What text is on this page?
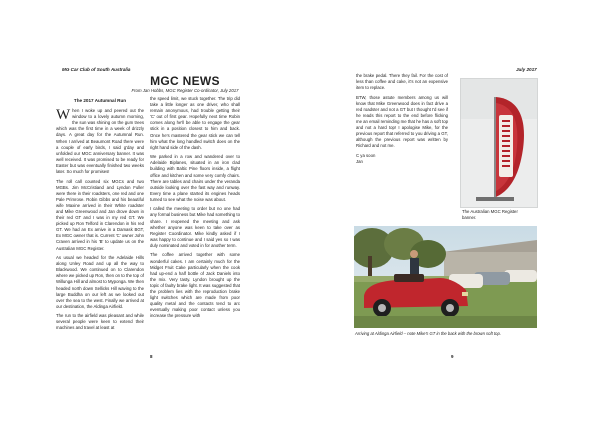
MG Car Club of South Australia	July 2017
MGC NEWS
From Jan Hobbs, MGC Register Co-ordinator, July 2017
The 2017 Autumnal Run

When I woke up and peered out the window to a lovely autumn morning, the sun was shining on the gum trees which was the first time in a week of drizzly days. A great day for the Autumnal Run. When I arrived at Beaumont Road there were a couple of early birds, I said g'day and unfolded our MGC anniversary banner. It was well received. It was promised to be ready for Easter but was eventually finished two weeks later. So much for promises!

The roll call counted six MGCs and two MGBs. Jim McCristiand and Lyndon Fuller were there in their roadsters, one red and one Pale Primrose. Robin Gibbs and his beautiful wife Maxine arrived in their White roadster and Mike Greenwood and Jan drove down in their red GT and I was in my red GT. We picked up Ron Telford in Clarendon in his red GT. We had an Ex amive in a Damask BGT, Ex MGC owner that is. Current 'C' owner John Craven arrived in his 'B' to update us on the Australian MGC Register.

As usual we headed for the Adelaide Hills along Unley Road and up all the way to Blackwood. We continued on to Clarendon where we picked up Ron, then on to the top of Willunga Hill and almost to Myponga. We then headed north down Sellicks Hill waving to the large Buddha on our left as we looked out over the sea to the west. Finally we arrived at our destination, the Aldinga Airfield.

The run to the airfield was pleasant and while several people were keen to extend their machines and travel at least at

the speed limit, we stuck together. The trip did take a little longer as one driver, who shall remain anonymous, had trouble getting their 'C' out of first gear. Hopefully next time Robin comes along he'll be able to engage the gear stick in a position closest to him and back. Once he's mastered the gear stick we can tell him what the long handled switch does on the right hand side of the dash.

We parked in a row and wandered over to Adelaide Biplanes, situated in an iron clad building with Baltic Pine floors inside, a flight office and kitchen and some very comfy chairs. There are tables and chairs under the veranda outside looking over the fast way and runway. Every time a plane started its engines heads turned to see what the noise was about.

I called the meeting to order but no one had any formal business but Mike had something to share. I reopened the meeting and ask whether anyone was keen to take over as Register Coordinator. Mike kindly asked if I was happy to continue and I said yes so I was duly nominated and voted in for another term.

The coffee arrived together with some wonderful cakes. I am certainly much for the Midget Fruit Cake particularly when the cook had up-end a half bottle of Jack Daniels into the mix. Very tasty. Lyndon brought up the topic of faulty brake light. It was suggested that the problem lies with the reproduction brake light switches which are made from poor quality metal and the contacts tend to arc eventually making poor contact unless you increase the pressure with

the brake pedal. There they fail. For the cost of less than coffee and cake, it's not an expensive item to replace.

BTW, those astute members among us will know that Mike Greenwood does in fact drive a red roadster and not a GT but I thought I'd see if he reads this report to the end before flicking me an email reminding me that he has a soft top and not a hard top! I apologise Mike, for the previous report that referred to you driving a GT, although the previous report was written by Richard and not me.

C ya soon
Jan

The Australian MGC Register banner.
Arriving at Aldinga Airfield – note Mike's GT in the back with the brown soft top.
8	9
